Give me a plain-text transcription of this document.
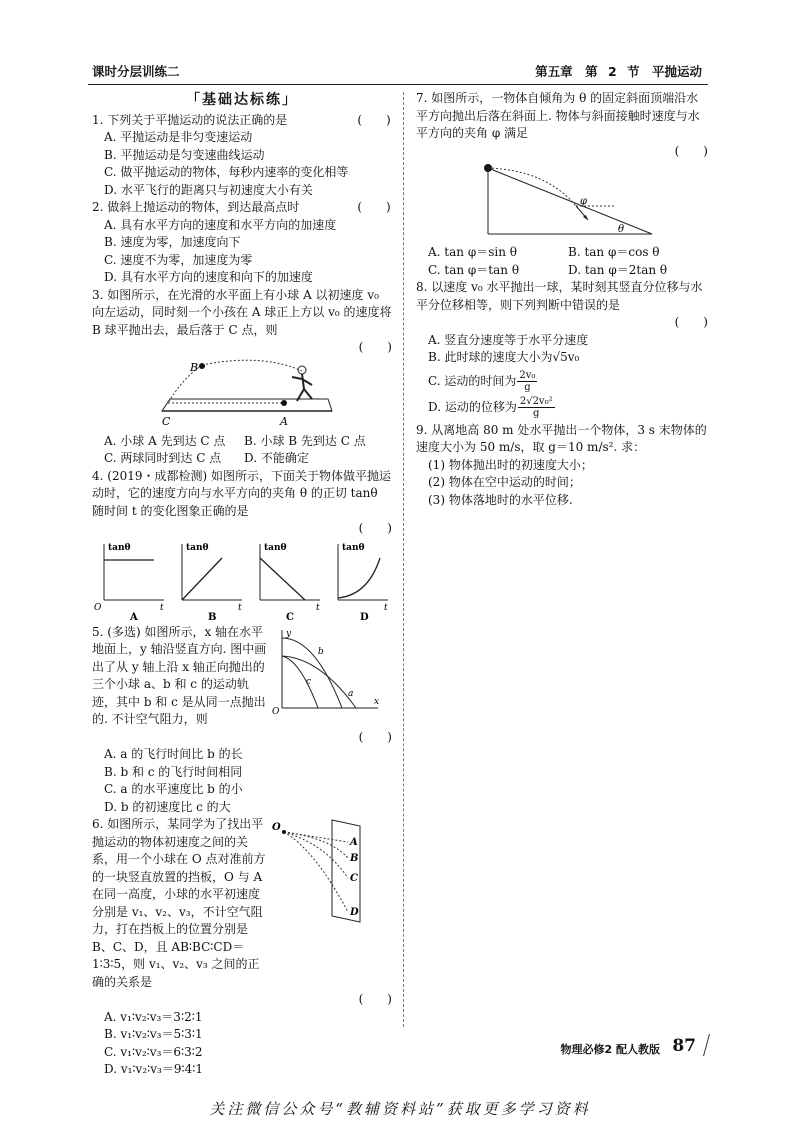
课时分层训练二	第五章　第 2 节　平抛运动
「基础达标练」
(　　)
1. 下列关于平抛运动的说法正确的是
A. 平抛运动是非匀变速运动
B. 平抛运动是匀变速曲线运动
C. 做平抛运动的物体，每秒内速率的变化相等
D. 水平飞行的距离只与初速度大小有关
(　　)
2. 做斜上抛运动的物体，到达最高点时
A. 具有水平方向的速度和水平方向的加速度
B. 速度为零，加速度向下
C. 速度不为零，加速度为零
D. 具有水平方向的速度和向下的加速度
3. 如图所示，在光滑的水平面上有小球 A 以初速度 v₀ 向左运动，同时刻一个小孩在 A 球正上方以 v₀ 的速度将 B 球平抛出去，最后落于 C 点，则
(　　)
B
C	A
A. 小球 A 先到达 C 点	B. 小球 B 先到达 C 点
C. 两球同时到达 C 点	D. 不能确定
4. (2019・成都检测) 如图所示，下面关于物体做平抛运动时，它的速度方向与水平方向的夹角 θ 的正切 tanθ 随时间 t 的变化图象正确的是
(　　)
tanθ
O	t
A
tanθ
t
B
tanθ
t
C
tanθ
t
D
5. (多选) 如图所示，x 轴在水平地面上，y 轴沿竖直方向. 图中画出了从 y 轴上沿 x 轴正向抛出的三个小球 a、b 和 c 的运动轨迹，其中 b 和 c 是从同一点抛出的. 不计空气阻力，则
y
x
O
a
b
c
(　　)
A. a 的飞行时间比 b 的长
B. b 和 c 的飞行时间相同
C. a 的水平速度比 b 的小
D. b 的初速度比 c 的大
6. 如图所示，某同学为了找出平抛运动的物体初速度之间的关系，用一个小球在 O 点对准前方的一块竖直放置的挡板，O 与 A 在同一高度，小球的水平初速度分别是 v₁、v₂、v₃，不计空气阻力，打在挡板上的位置分别是 B、C、D，且 AB∶BC∶CD＝1∶3∶5，则 v₁、v₂、v₃ 之间的正确的关系是
O
A
B
C
D
(　　)
A. v₁∶v₂∶v₃＝3∶2∶1
B. v₁∶v₂∶v₃＝5∶3∶1
C. v₁∶v₂∶v₃＝6∶3∶2
D. v₁∶v₂∶v₃＝9∶4∶1
7. 如图所示，一物体自倾角为 θ 的固定斜面顶端沿水平方向抛出后落在斜面上. 物体与斜面接触时速度与水平方向的夹角 φ 满足
(　　)
φ
θ
A. tan φ＝sin θ	B. tan φ＝cos θ
C. tan φ＝tan θ	D. tan φ＝2tan θ
8. 以速度 v₀ 水平抛出一球，某时刻其竖直分位移与水平分位移相等，则下列判断中错误的是
(　　)
A. 竖直分速度等于水平分速度
B. 此时球的速度大小为√5v₀
C. 运动的时间为 $\frac{\text{2v₀}}{g}$
D. 运动的位移为 $\frac{\text{2√2v₀²}}{g}$
9. 从离地高 80 m 处水平抛出一个物体，3 s 末物体的速度大小为 50 m/s，取 g＝10 m/s². 求：
(1) 物体抛出时的初速度大小；
(2) 物体在空中运动的时间；
(3) 物体落地时的水平位移.
物理必修2 配人教版 87
关注微信公众号“教辅资料站”获取更多学习资料
